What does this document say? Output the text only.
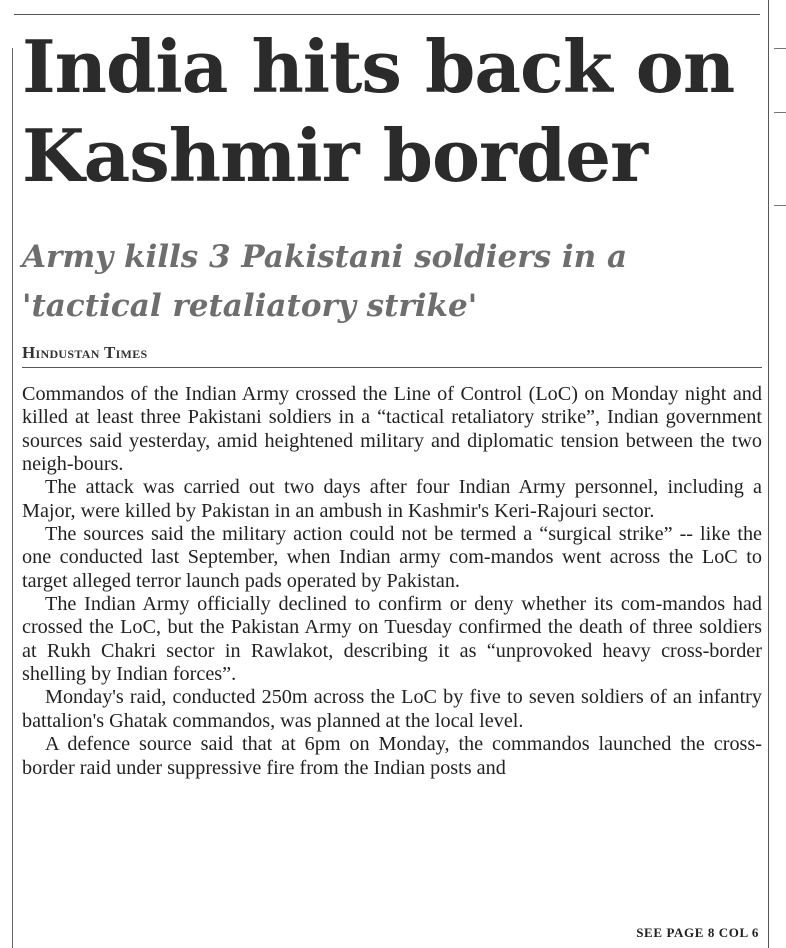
India hits back on Kashmir border
Army kills 3 Pakistani soldiers in a 'tactical retaliatory strike'
Hindustan Times

Commandos of the Indian Army crossed the Line of Control (LoC) on Monday night and killed at least three Pakistani soldiers in a “tactical retaliatory strike”, Indian government sources said yesterday, amid heightened military and diplomatic tension between the two neigh-bours.

The attack was carried out two days after four Indian Army personnel, including a Major, were killed by Pakistan in an ambush in Kashmir's Keri-Rajouri sector.

The sources said the military action could not be termed a “surgical strike” -- like the one conducted last September, when Indian army com-mandos went across the LoC to target alleged terror launch pads operated by Pakistan.

The Indian Army officially declined to confirm or deny whether its com-mandos had crossed the LoC, but the Pakistan Army on Tuesday confirmed the death of three soldiers at Rukh Chakri sector in Rawlakot, describing it as “unprovoked heavy cross-border shelling by Indian forces”.

Monday's raid, conducted 250m across the LoC by five to seven soldiers of an infantry battalion's Ghatak commandos, was planned at the local level.

A defence source said that at 6pm on Monday, the commandos launched the cross-border raid under suppressive fire from the Indian posts and

SEE PAGE 8 COL 6
